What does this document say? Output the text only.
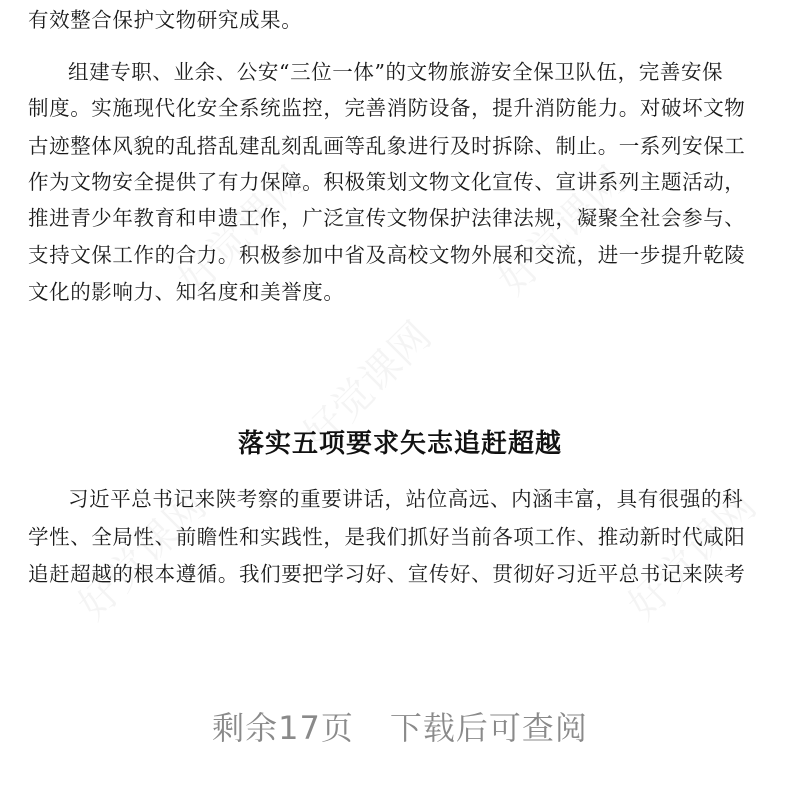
有效整合保护文物研究成果。
组建专职、业余、公安“三位一体”的文物旅游安全保卫队伍，完善安保
制度。实施现代化安全系统监控，完善消防设备，提升消防能力。对破坏文物
古迹整体风貌的乱搭乱建乱刻乱画等乱象进行及时拆除、制止。一系列安保工
作为文物安全提供了有力保障。积极策划文物文化宣传、宣讲系列主题活动，
推进青少年教育和申遗工作，广泛宣传文物保护法律法规，凝聚全社会参与、
支持文保工作的合力。积极参加中省及高校文物外展和交流，进一步提升乾陵
文化的影响力、知名度和美誉度。
落实五项要求矢志追赶超越
习近平总书记来陕考察的重要讲话，站位高远、内涵丰富，具有很强的科
学性、全局性、前瞻性和实践性，是我们抓好当前各项工作、推动新时代咸阳
追赶超越的根本遵循。我们要把学习好、宣传好、贯彻好习近平总书记来陕考
剩余17页 下载后可查阅
